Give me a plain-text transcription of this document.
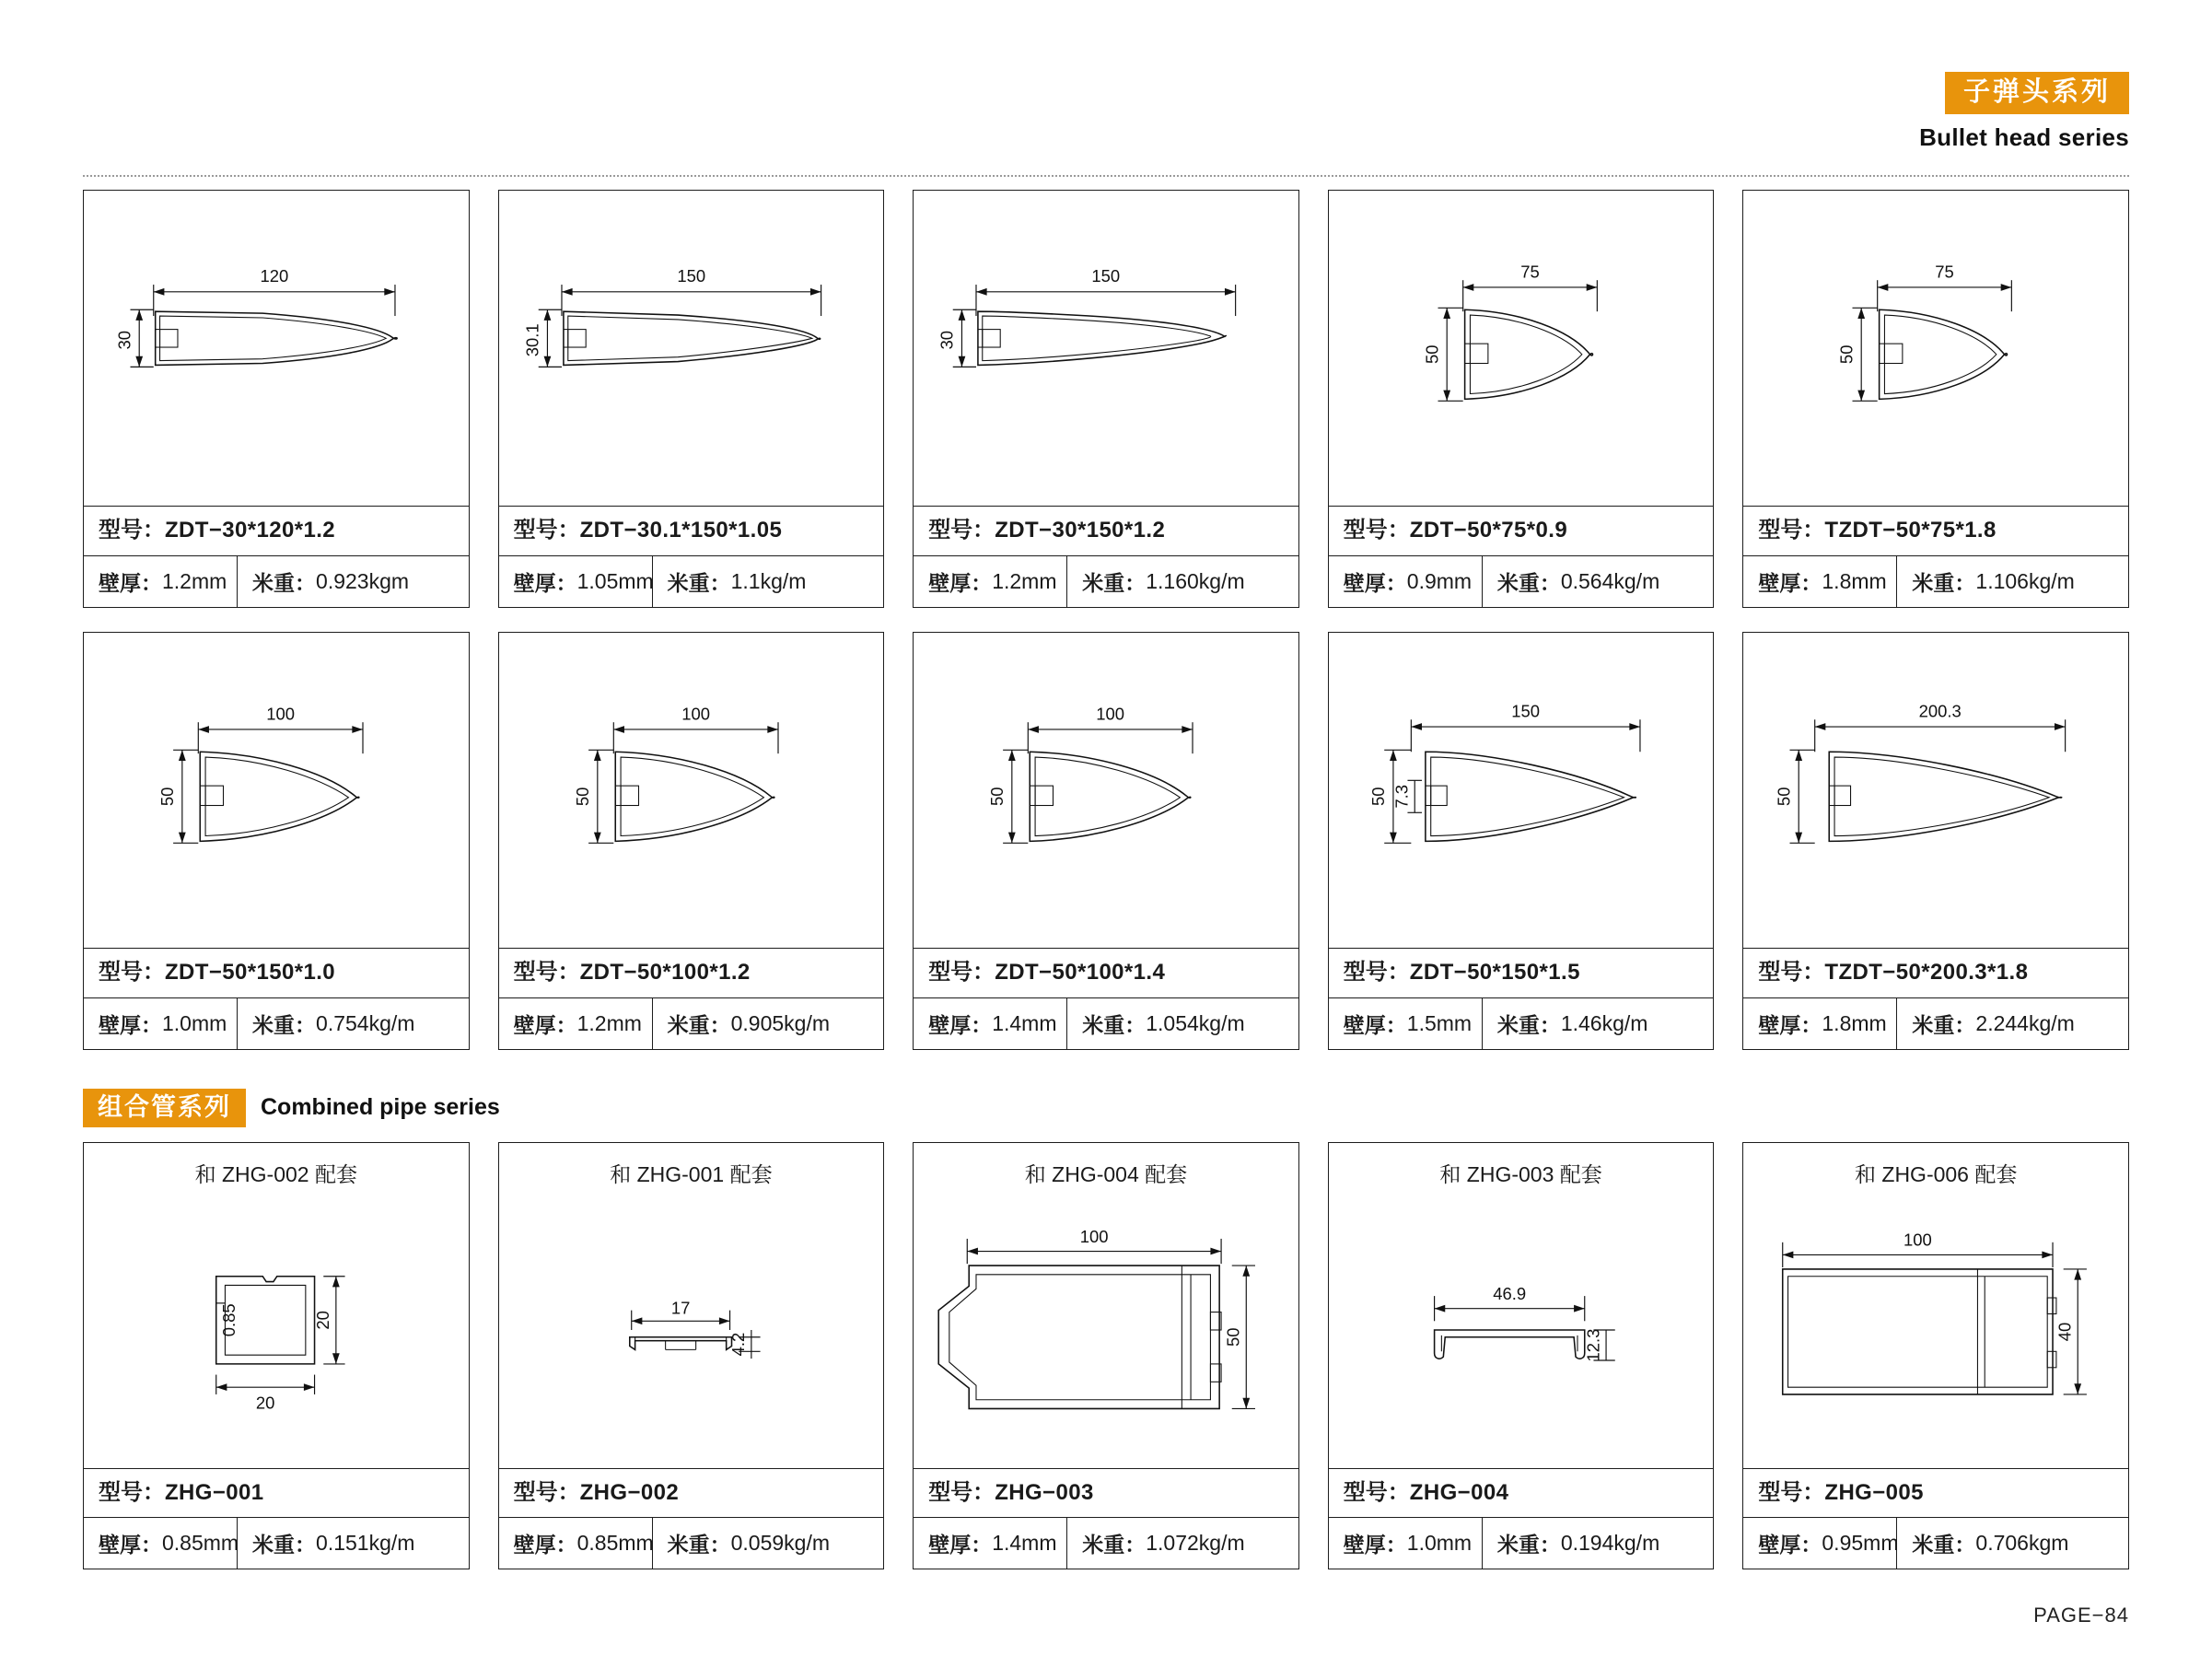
子弹头系列
Bullet head series
120
30
型号：ZDT−30*120*1.2
壁厚： 1.2mm 米重： 0.923kgm
150
30.1
型号：ZDT−30.1*150*1.05
壁厚： 1.05mm 米重： 1.1kg/m
150
30
型号：ZDT−30*150*1.2
壁厚： 1.2mm 米重： 1.160kg/m
75
50
型号：ZDT−50*75*0.9
壁厚： 0.9mm 米重： 0.564kg/m
75
50
型号：TZDT−50*75*1.8
壁厚： 1.8mm 米重： 1.106kg/m
100
50
型号：ZDT−50*150*1.0
壁厚： 1.0mm 米重： 0.754kg/m
100
50
型号：ZDT−50*100*1.2
壁厚： 1.2mm 米重： 0.905kg/m
100
50
型号：ZDT−50*100*1.4
壁厚： 1.4mm 米重： 1.054kg/m
150
50 7.3
型号：ZDT−50*150*1.5
壁厚： 1.5mm 米重： 1.46kg/m
200.3
50
型号：TZDT−50*200.3*1.8
壁厚： 1.8mm 米重： 2.244kg/m
组合管系列	Combined pipe series
和 ZHG-002 配套
20
20
0.85
型号：ZHG−001
壁厚： 0.85mm 米重： 0.151kg/m
和 ZHG-001 配套
17
4.2
型号：ZHG−002
壁厚： 0.85mm 米重： 0.059kg/m
和 ZHG-004 配套
100
50
型号：ZHG−003
壁厚： 1.4mm 米重： 1.072kg/m
和 ZHG-003 配套
46.9
12.3
型号：ZHG−004
壁厚： 1.0mm 米重： 0.194kg/m
和 ZHG-006 配套
100
40
型号：ZHG−005
壁厚： 0.95mm 米重： 0.706kgm
PAGE−84
